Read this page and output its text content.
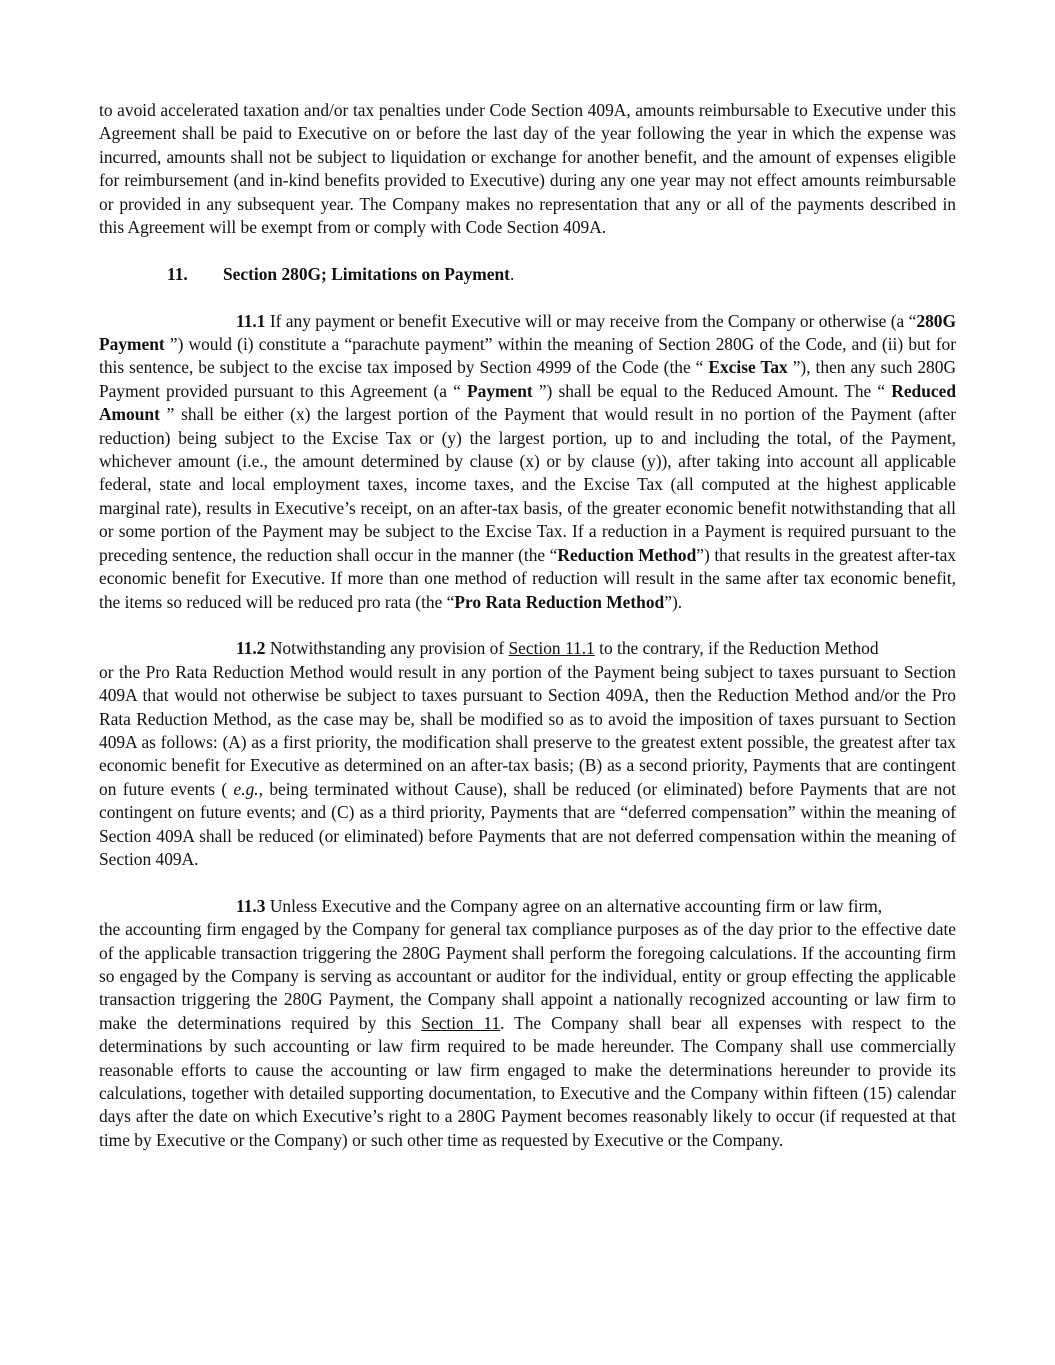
to avoid accelerated taxation and/or tax penalties under Code Section 409A, amounts reimbursable to Executive under this Agreement shall be paid to Executive on or before the last day of the year following the year in which the expense was incurred, amounts shall not be subject to liquidation or exchange for another benefit, and the amount of expenses eligible for reimbursement (and in-kind benefits provided to Executive) during any one year may not effect amounts reimbursable or provided in any subsequent year. The Company makes no representation that any or all of the payments described in this Agreement will be exempt from or comply with Code Section 409A.

11. Section 280G; Limitations on Payment.

11.1 If any payment or benefit Executive will or may receive from the Company or otherwise (a “280G Payment ”) would (i) constitute a “parachute payment” within the meaning of Section 280G of the Code, and (ii) but for this sentence, be subject to the excise tax imposed by Section 4999 of the Code (the “ Excise Tax ”), then any such 280G Payment provided pursuant to this Agreement (a “ Payment ”) shall be equal to the Reduced Amount. The “ Reduced Amount ” shall be either (x) the largest portion of the Payment that would result in no portion of the Payment (after reduction) being subject to the Excise Tax or (y) the largest portion, up to and including the total, of the Payment, whichever amount (i.e., the amount determined by clause (x) or by clause (y)), after taking into account all applicable federal, state and local employment taxes, income taxes, and the Excise Tax (all computed at the highest applicable marginal rate), results in Executive’s receipt, on an after-tax basis, of the greater economic benefit notwithstanding that all or some portion of the Payment may be subject to the Excise Tax. If a reduction in a Payment is required pursuant to the preceding sentence, the reduction shall occur in the manner (the “Reduction Method”) that results in the greatest after-tax economic benefit for Executive. If more than one method of reduction will result in the same after tax economic benefit, the items so reduced will be reduced pro rata (the “Pro Rata Reduction Method”).

11.2 Notwithstanding any provision of Section 11.1 to the contrary, if the Reduction Method

or the Pro Rata Reduction Method would result in any portion of the Payment being subject to taxes pursuant to Section 409A that would not otherwise be subject to taxes pursuant to Section 409A, then the Reduction Method and/or the Pro Rata Reduction Method, as the case may be, shall be modified so as to avoid the imposition of taxes pursuant to Section 409A as follows: (A) as a first priority, the modification shall preserve to the greatest extent possible, the greatest after tax economic benefit for Executive as determined on an after-tax basis; (B) as a second priority, Payments that are contingent on future events ( e.g., being terminated without Cause), shall be reduced (or eliminated) before Payments that are not contingent on future events; and (C) as a third priority, Payments that are “deferred compensation” within the meaning of Section 409A shall be reduced (or eliminated) before Payments that are not deferred compensation within the meaning of Section 409A.

11.3 Unless Executive and the Company agree on an alternative accounting firm or law firm,

the accounting firm engaged by the Company for general tax compliance purposes as of the day prior to the effective date of the applicable transaction triggering the 280G Payment shall perform the foregoing calculations. If the accounting firm so engaged by the Company is serving as accountant or auditor for the individual, entity or group effecting the applicable transaction triggering the 280G Payment, the Company shall appoint a nationally recognized accounting or law firm to make the determinations required by this Section 11. The Company shall bear all expenses with respect to the determinations by such accounting or law firm required to be made hereunder. The Company shall use commercially reasonable efforts to cause the accounting or law firm engaged to make the determinations hereunder to provide its calculations, together with detailed supporting documentation, to Executive and the Company within fifteen (15) calendar days after the date on which Executive’s right to a 280G Payment becomes reasonably likely to occur (if requested at that time by Executive or the Company) or such other time as requested by Executive or the Company.
